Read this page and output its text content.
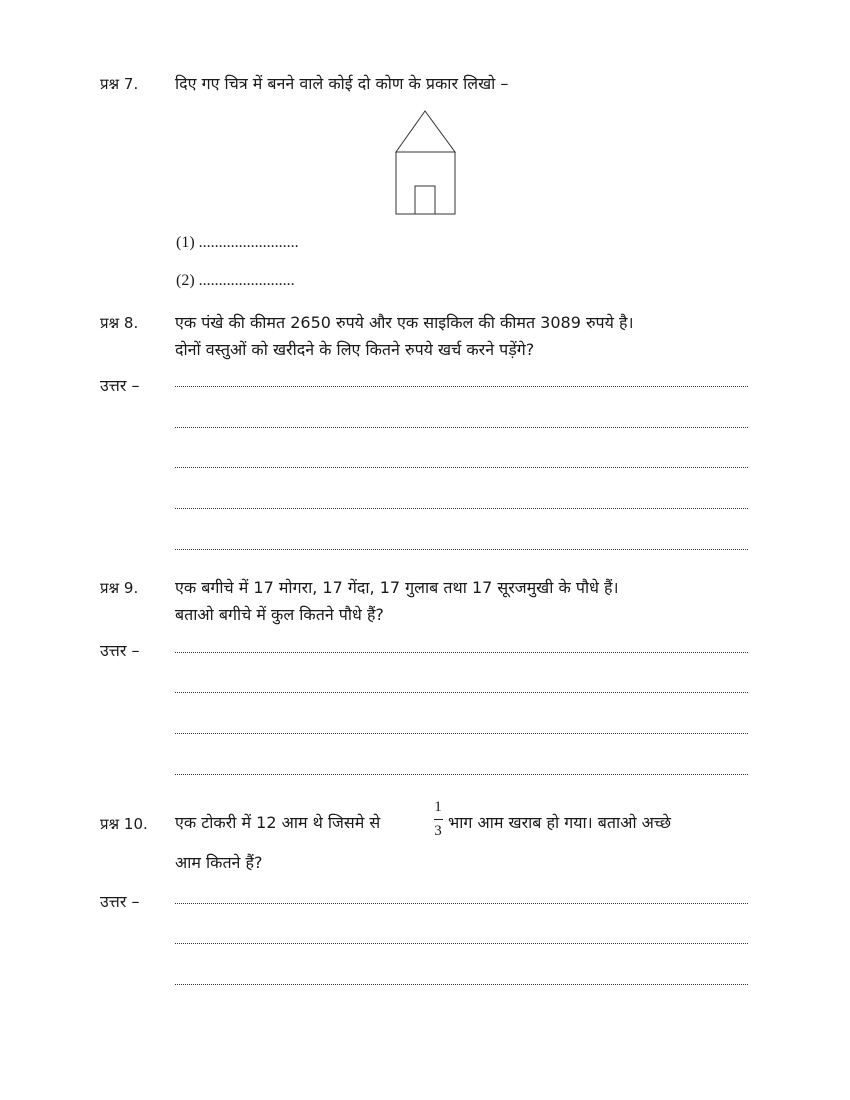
प्रश्न 7. दिए गए चित्र में बनने वाले कोई दो कोण के प्रकार लिखो –
(1) .........................
(2) ........................
प्रश्न 8. एक पंखे की कीमत 2650 रुपये और एक साइकिल की कीमत 3089 रुपये है।
दोनों वस्तुओं को खरीदने के लिए कितने रुपये खर्च करने पड़ेंगे?
उत्तर –
प्रश्न 9. एक बगीचे में 17 मोगरा, 17 गेंदा, 17 गुलाब तथा 17 सूरजमुखी के पौधे हैं।
बताओ बगीचे में कुल कितने पौधे हैं?
उत्तर –
प्रश्न 10. एक टोकरी में 12 आम थे जिसमे से
1
3 भाग आम खराब हो गया। बताओ अच्छे
आम कितने हैं?
उत्तर –
